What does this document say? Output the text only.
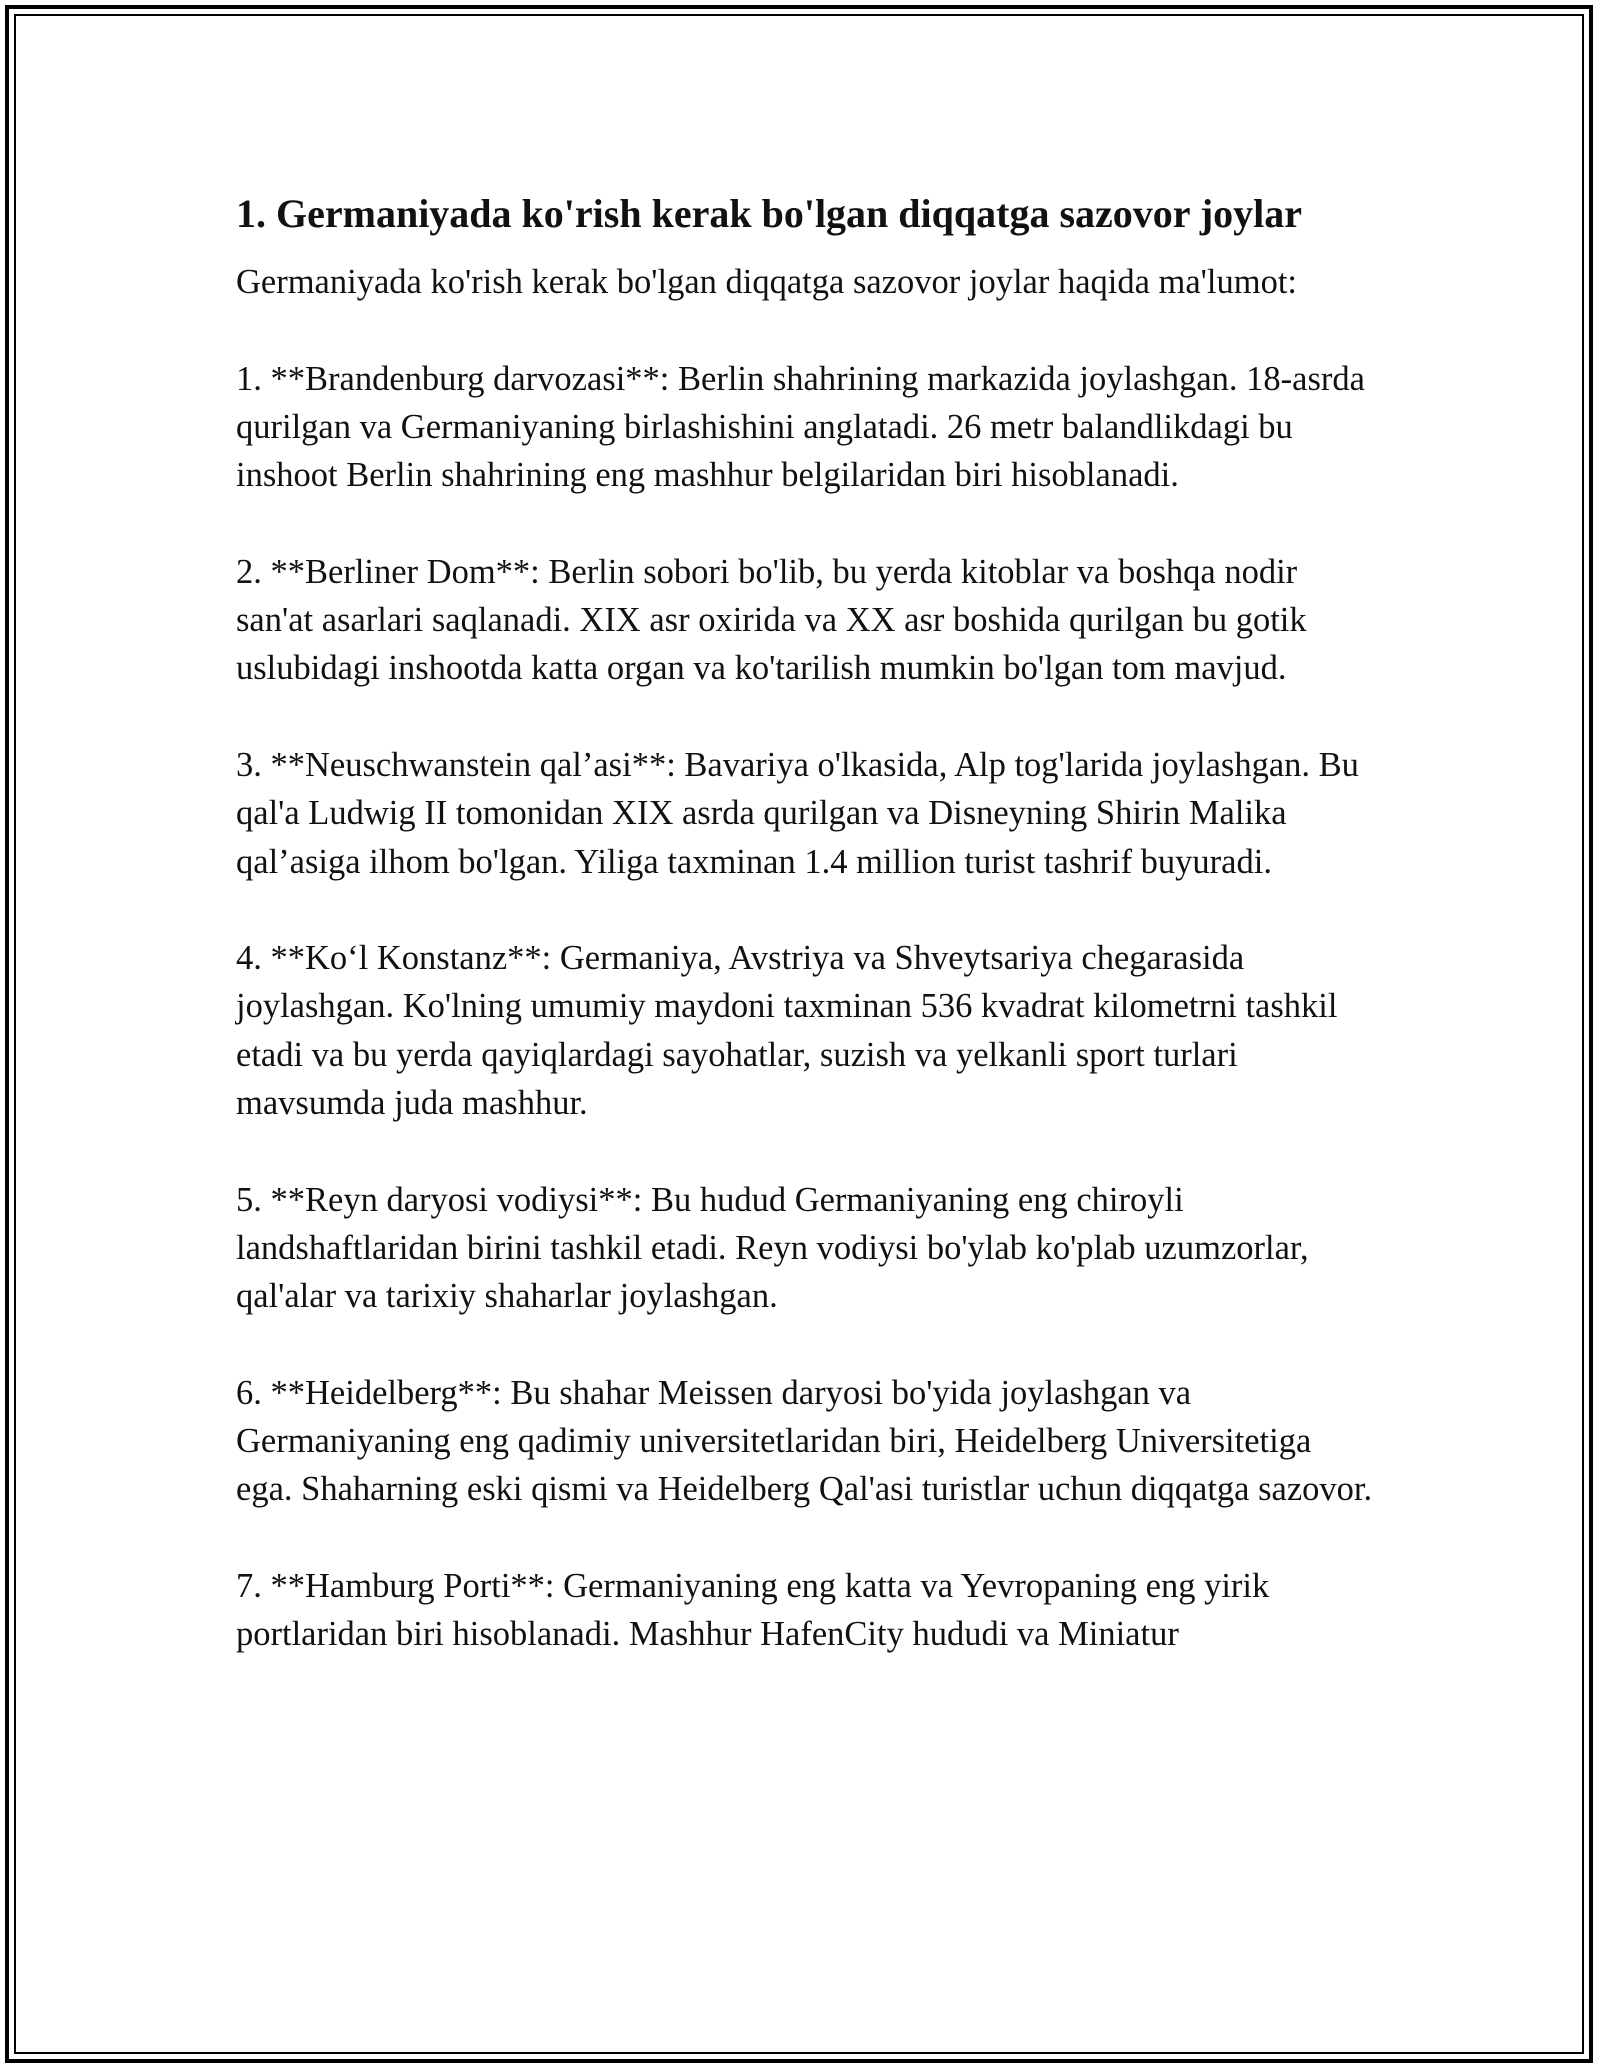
1. Germaniyada ko'rish kerak bo'lgan diqqatga sazovor joylar

Germaniyada ko'rish kerak bo'lgan diqqatga sazovor joylar haqida ma'lumot:

1. **Brandenburg darvozasi**: Berlin shahrining markazida joylashgan. 18-asrda qurilgan va Germaniyaning birlashishini anglatadi. 26 metr balandlikdagi bu inshoot Berlin shahrining eng mashhur belgilaridan biri hisoblanadi.

2. **Berliner Dom**: Berlin sobori bo'lib, bu yerda kitoblar va boshqa nodir san'at asarlari saqlanadi. XIX asr oxirida va XX asr boshida qurilgan bu gotik uslubidagi inshootda katta organ va ko'tarilish mumkin bo'lgan tom mavjud.

3. **Neuschwanstein qal’asi**: Bavariya o'lkasida, Alp tog'larida joylashgan. Bu qal'a Ludwig II tomonidan XIX asrda qurilgan va Disneyning Shirin Malika qal’asiga ilhom bo'lgan. Yiliga taxminan 1.4 million turist tashrif buyuradi.

4. **Koʻl Konstanz**: Germaniya, Avstriya va Shveytsariya chegarasida joylashgan. Ko'lning umumiy maydoni taxminan 536 kvadrat kilometrni tashkil etadi va bu yerda qayiqlardagi sayohatlar, suzish va yelkanli sport turlari mavsumda juda mashhur.

5. **Reyn daryosi vodiysi**: Bu hudud Germaniyaning eng chiroyli landshaftlaridan birini tashkil etadi. Reyn vodiysi bo'ylab ko'plab uzumzorlar, qal'alar va tarixiy shaharlar joylashgan.

6. **Heidelberg**: Bu shahar Meissen daryosi bo'yida joylashgan va Germaniyaning eng qadimiy universitetlaridan biri, Heidelberg Universitetiga ega. Shaharning eski qismi va Heidelberg Qal'asi turistlar uchun diqqatga sazovor.

7. **Hamburg Porti**: Germaniyaning eng katta va Yevropaning eng yirik portlaridan biri hisoblanadi. Mashhur HafenCity hududi va Miniatur
